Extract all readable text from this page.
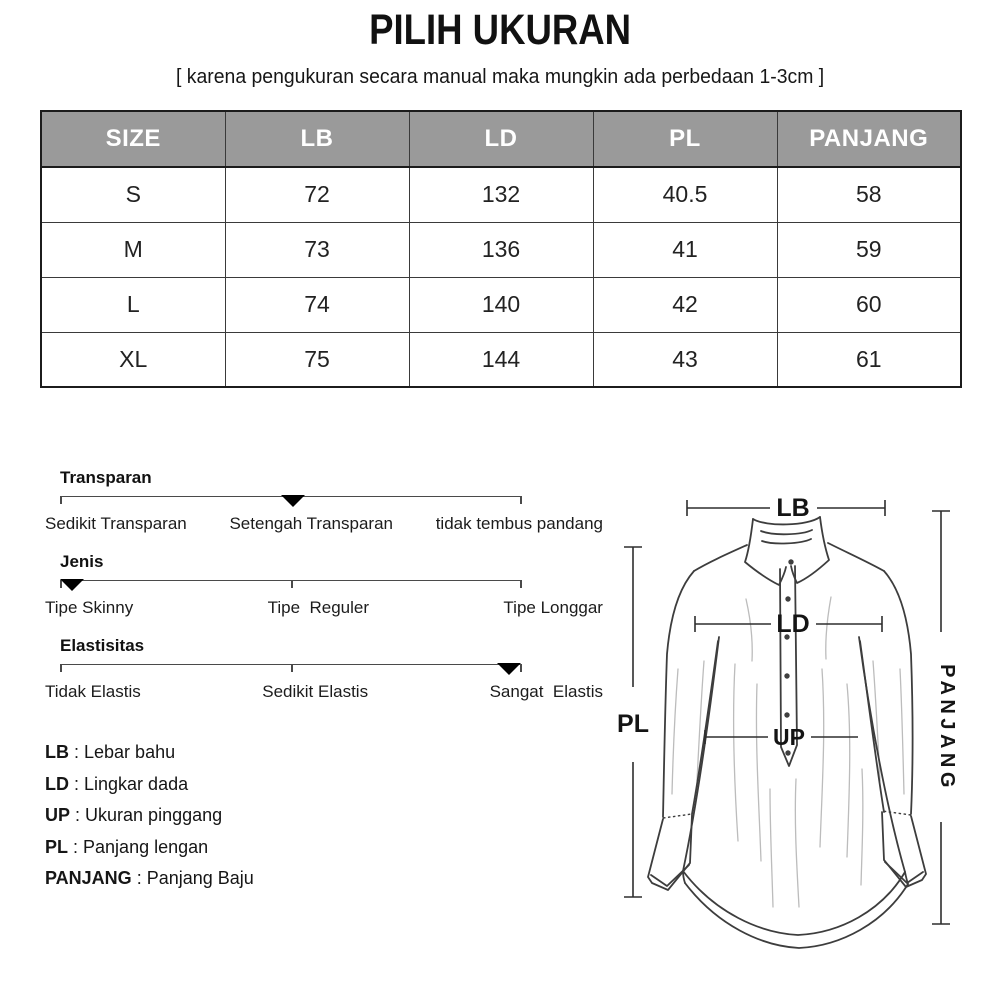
PILIH UKURAN
[ karena pengukuran secara manual maka mungkin ada perbedaan 1-3cm ]
SIZE	LB	LD	PL	PANJANG
S	72	132	40.5	58
M	73	136	41	59
L	74	140	42	60
XL	75	144	43	61
Transparan
Sedikit Transparan	Setengah Transparan	tidak tembus pandang
Jenis
Tipe Skinny	Tipe  Reguler	Tipe Longgar
Elastisitas
Tidak Elastis	Sedikit Elastis	Sangat  Elastis
LB : Lebar bahu
LD : Lingkar dada
UP : Ukuran pinggang
PL : Panjang lengan
PANJANG : Panjang Baju
LB
LD
UP
PL	PANJANG
